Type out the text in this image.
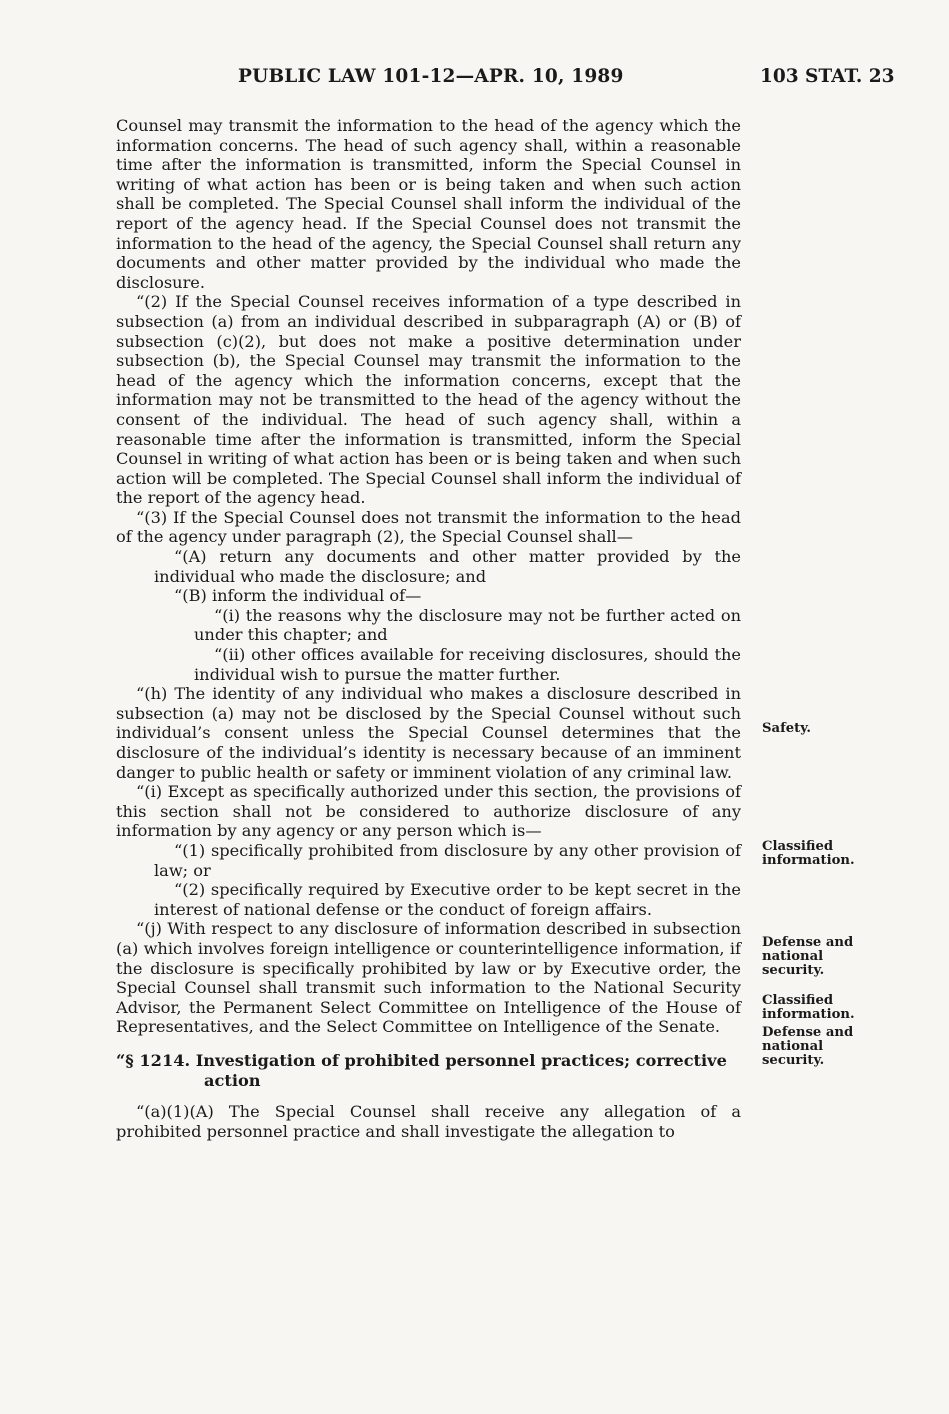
PUBLIC LAW 101-12—APR. 10, 1989	103 STAT. 23

Counsel may transmit the information to the head of the agency which the information concerns. The head of such agency shall, within a reasonable time after the information is transmitted, inform the Special Counsel in writing of what action has been or is being taken and when such action shall be completed. The Special Counsel shall inform the individual of the report of the agency head. If the Special Counsel does not transmit the information to the head of the agency, the Special Counsel shall return any documents and other matter provided by the individual who made the disclosure.

“(2) If the Special Counsel receives information of a type described in subsection (a) from an individual described in subparagraph (A) or (B) of subsection (c)(2), but does not make a positive determination under subsection (b), the Special Counsel may transmit the information to the head of the agency which the information concerns, except that the information may not be transmitted to the head of the agency without the consent of the individual. The head of such agency shall, within a reasonable time after the information is transmitted, inform the Special Counsel in writing of what action has been or is being taken and when such action will be completed. The Special Counsel shall inform the individual of the report of the agency head.

“(3) If the Special Counsel does not transmit the information to the head of the agency under paragraph (2), the Special Counsel shall—

“(A) return any documents and other matter provided by the individual who made the disclosure; and

“(B) inform the individual of—

“(i) the reasons why the disclosure may not be further acted on under this chapter; and

“(ii) other offices available for receiving disclosures, should the individual wish to pursue the matter further.

“(h) The identity of any individual who makes a disclosure described in subsection (a) may not be disclosed by the Special Counsel without such individual’s consent unless the Special Counsel determines that the disclosure of the individual’s identity is necessary because of an imminent danger to public health or safety or imminent violation of any criminal law.

“(i) Except as specifically authorized under this section, the provisions of this section shall not be considered to authorize disclosure of any information by any agency or any person which is—

“(1) specifically prohibited from disclosure by any other provision of law; or

“(2) specifically required by Executive order to be kept secret in the interest of national defense or the conduct of foreign affairs.

“(j) With respect to any disclosure of information described in subsection (a) which involves foreign intelligence or counterintelligence information, if the disclosure is specifically prohibited by law or by Executive order, the Special Counsel shall transmit such information to the National Security Advisor, the Permanent Select Committee on Intelligence of the House of Representatives, and the Select Committee on Intelligence of the Senate.

“§ 1214. Investigation of prohibited personnel practices; corrective action

“(a)(1)(A) The Special Counsel shall receive any allegation of a prohibited personnel practice and shall investigate the allegation to

Safety.
Classified information.
Defense and national security.
Classified information.
Defense and national security.
